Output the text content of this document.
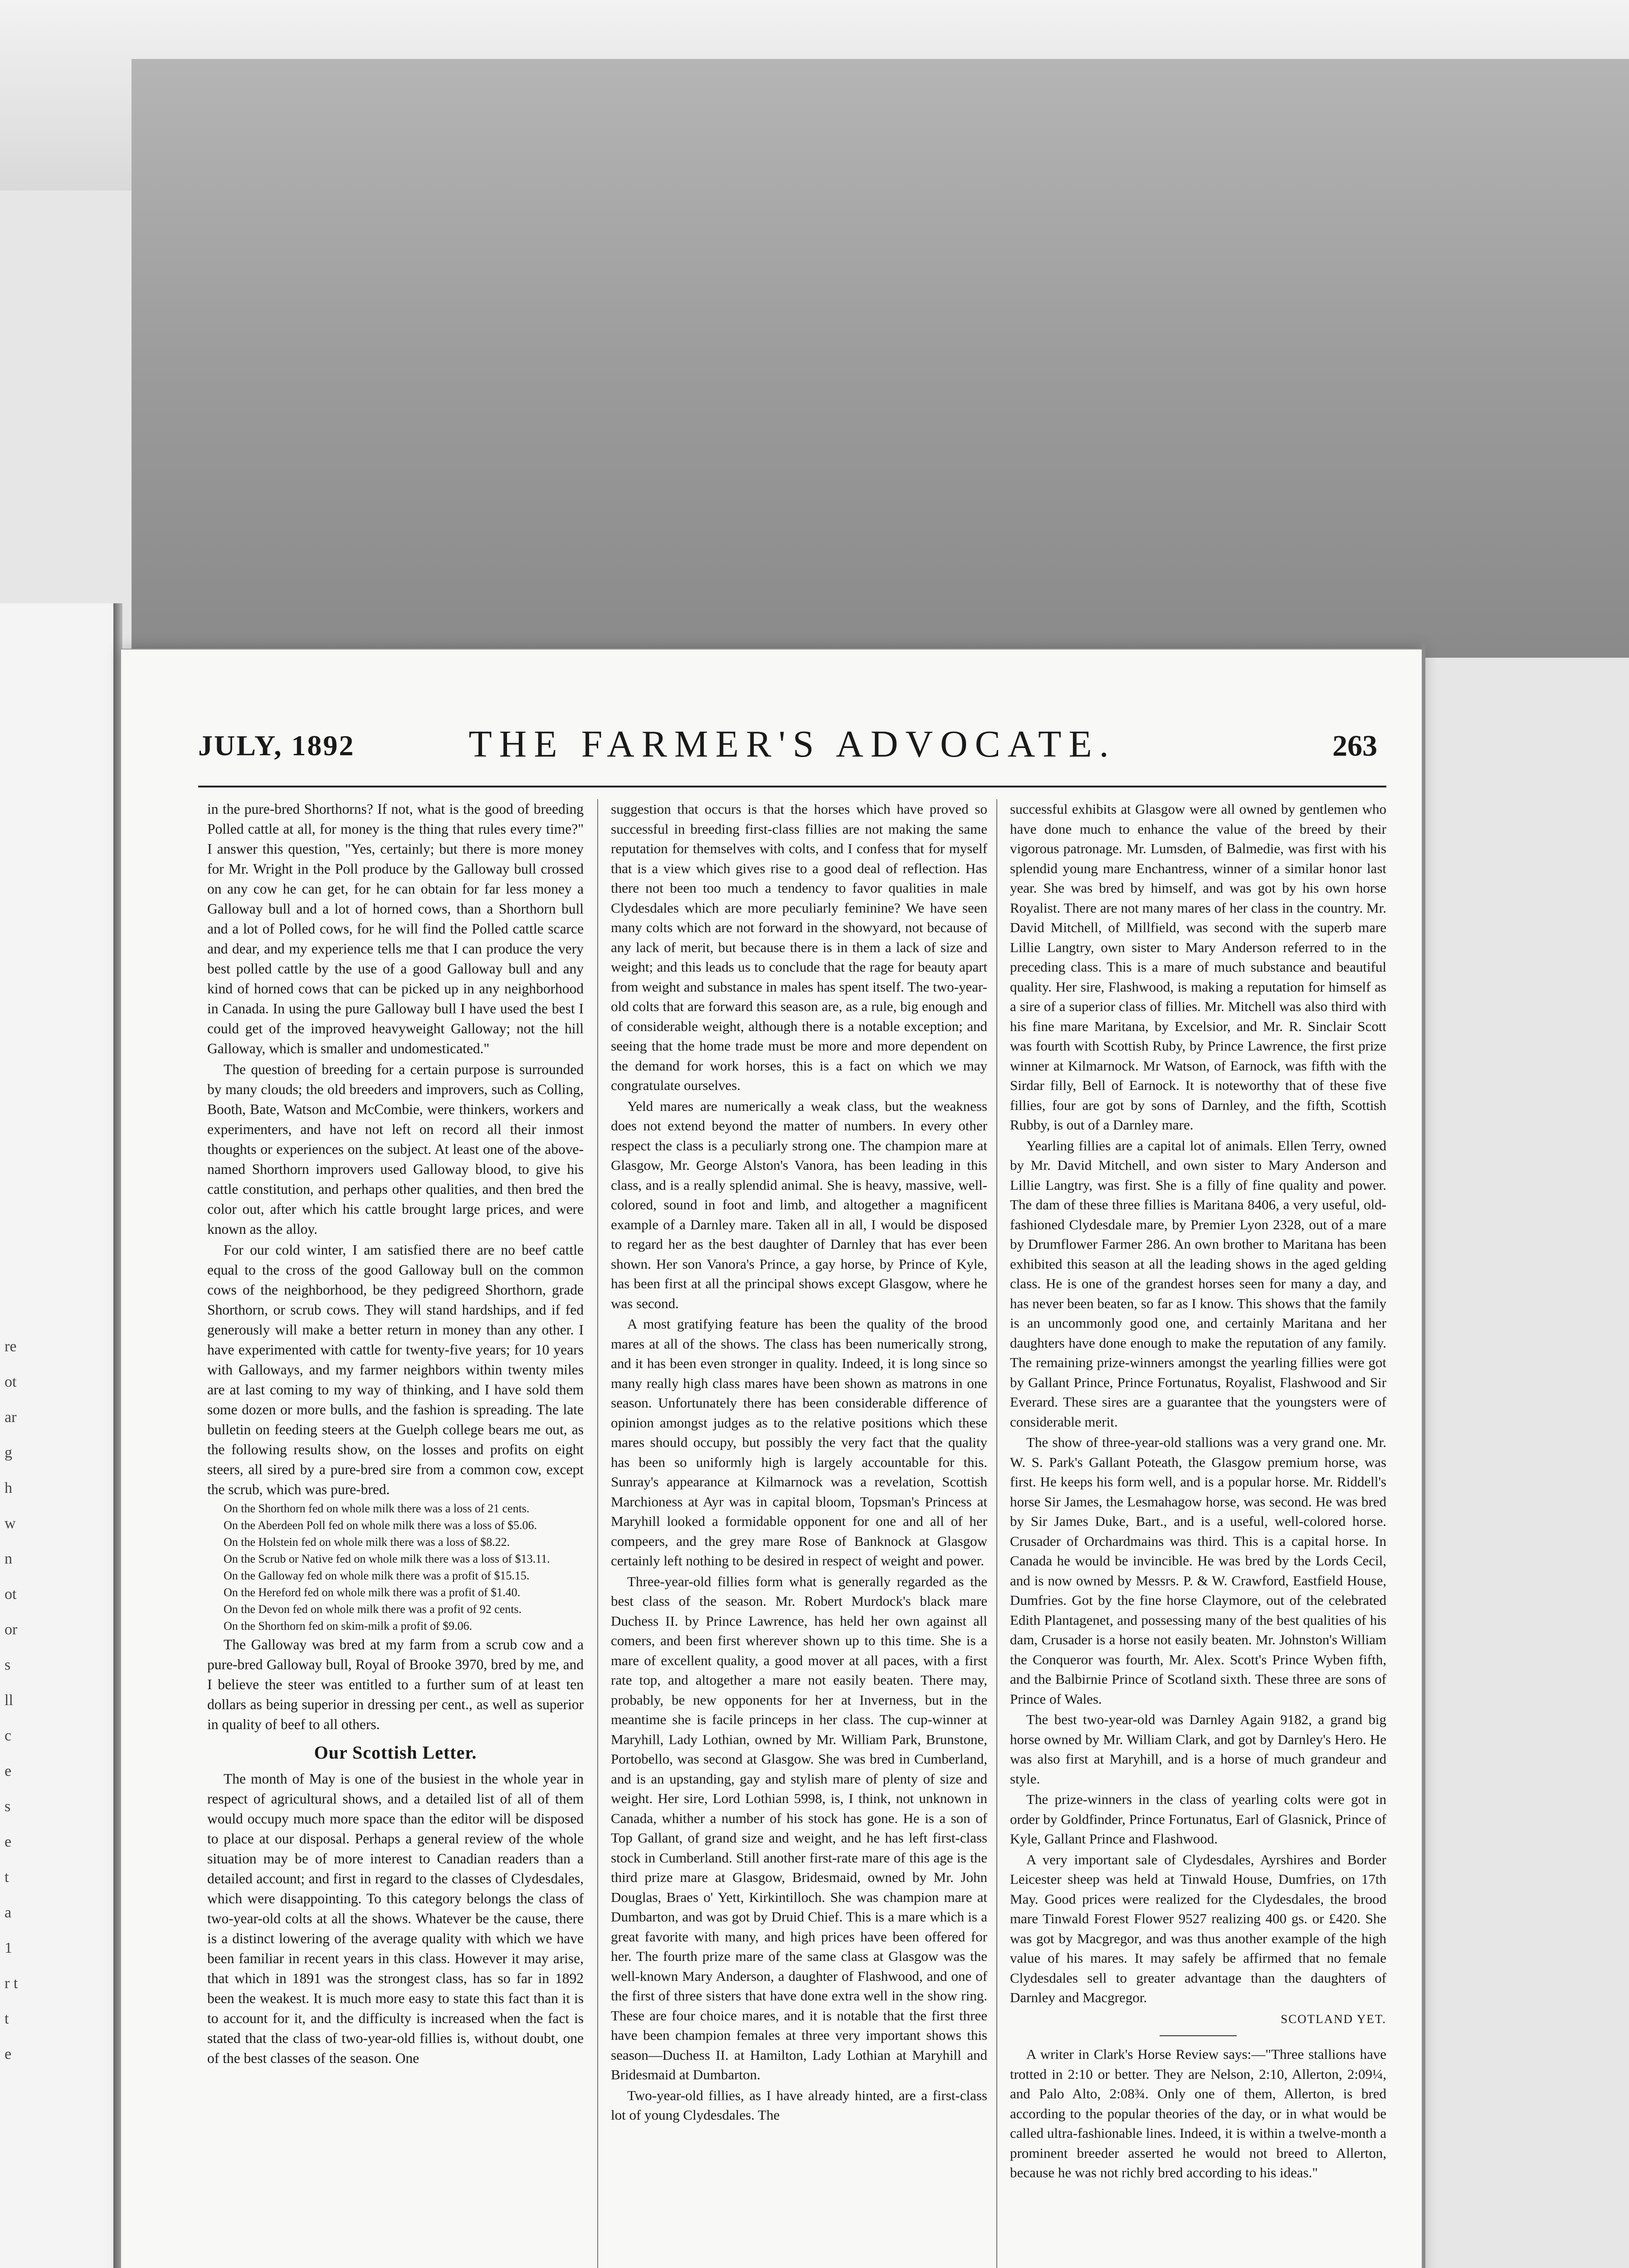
re ot ar g h w n ot or s ll c e s e t a 1 r t t e
JULY, 1892	THE FARMER'S ADVOCATE.	263

in the pure-bred Shorthorns? If not, what is the good of breeding Polled cattle at all, for money is the thing that rules every time?" I answer this question, "Yes, certainly; but there is more money for Mr. Wright in the Poll produce by the Galloway bull crossed on any cow he can get, for he can obtain for far less money a Galloway bull and a lot of horned cows, than a Shorthorn bull and a lot of Polled cows, for he will find the Polled cattle scarce and dear, and my experience tells me that I can produce the very best polled cattle by the use of a good Galloway bull and any kind of horned cows that can be picked up in any neighborhood in Canada. In using the pure Galloway bull I have used the best I could get of the improved heavyweight Galloway; not the hill Galloway, which is smaller and undomesticated."

The question of breeding for a certain purpose is surrounded by many clouds; the old breeders and improvers, such as Colling, Booth, Bate, Watson and McCombie, were thinkers, workers and experimenters, and have not left on record all their inmost thoughts or experiences on the subject. At least one of the above-named Shorthorn improvers used Galloway blood, to give his cattle constitution, and perhaps other qualities, and then bred the color out, after which his cattle brought large prices, and were known as the alloy.

For our cold winter, I am satisfied there are no beef cattle equal to the cross of the good Galloway bull on the common cows of the neighborhood, be they pedigreed Shorthorn, grade Shorthorn, or scrub cows. They will stand hardships, and if fed generously will make a better return in money than any other. I have experimented with cattle for twenty-five years; for 10 years with Galloways, and my farmer neighbors within twenty miles are at last coming to my way of thinking, and I have sold them some dozen or more bulls, and the fashion is spreading. The late bulletin on feeding steers at the Guelph college bears me out, as the following results show, on the losses and profits on eight steers, all sired by a pure-bred sire from a common cow, except the scrub, which was pure-bred.

On the Shorthorn fed on whole milk there was a loss of 21 cents.

On the Aberdeen Poll fed on whole milk there was a loss of $5.06.

On the Holstein fed on whole milk there was a loss of $8.22.

On the Scrub or Native fed on whole milk there was a loss of $13.11.

On the Galloway fed on whole milk there was a profit of $15.15.

On the Hereford fed on whole milk there was a profit of $1.40.

On the Devon fed on whole milk there was a profit of 92 cents.

On the Shorthorn fed on skim-milk a profit of $9.06.

The Galloway was bred at my farm from a scrub cow and a pure-bred Galloway bull, Royal of Brooke 3970, bred by me, and I believe the steer was entitled to a further sum of at least ten dollars as being superior in dressing per cent., as well as superior in quality of beef to all others.

Our Scottish Letter.

The month of May is one of the busiest in the whole year in respect of agricultural shows, and a detailed list of all of them would occupy much more space than the editor will be disposed to place at our disposal. Perhaps a general review of the whole situation may be of more interest to Canadian readers than a detailed account; and first in regard to the classes of Clydesdales, which were disappointing. To this category belongs the class of two-year-old colts at all the shows. Whatever be the cause, there is a distinct lowering of the average quality with which we have been familiar in recent years in this class. However it may arise, that which in 1891 was the strongest class, has so far in 1892 been the weakest. It is much more easy to state this fact than it is to account for it, and the difficulty is increased when the fact is stated that the class of two-year-old fillies is, without doubt, one of the best classes of the season. One

suggestion that occurs is that the horses which have proved so successful in breeding first-class fillies are not making the same reputation for themselves with colts, and I confess that for myself that is a view which gives rise to a good deal of reflection. Has there not been too much a tendency to favor qualities in male Clydesdales which are more peculiarly feminine? We have seen many colts which are not forward in the showyard, not because of any lack of merit, but because there is in them a lack of size and weight; and this leads us to conclude that the rage for beauty apart from weight and substance in males has spent itself. The two-year-old colts that are forward this season are, as a rule, big enough and of considerable weight, although there is a notable exception; and seeing that the home trade must be more and more dependent on the demand for work horses, this is a fact on which we may congratulate ourselves.

Yeld mares are numerically a weak class, but the weakness does not extend beyond the matter of numbers. In every other respect the class is a peculiarly strong one. The champion mare at Glasgow, Mr. George Alston's Vanora, has been leading in this class, and is a really splendid animal. She is heavy, massive, well-colored, sound in foot and limb, and altogether a magnificent example of a Darnley mare. Taken all in all, I would be disposed to regard her as the best daughter of Darnley that has ever been shown. Her son Vanora's Prince, a gay horse, by Prince of Kyle, has been first at all the principal shows except Glasgow, where he was second.

A most gratifying feature has been the quality of the brood mares at all of the shows. The class has been numerically strong, and it has been even stronger in quality. Indeed, it is long since so many really high class mares have been shown as matrons in one season. Unfortunately there has been considerable difference of opinion amongst judges as to the relative positions which these mares should occupy, but possibly the very fact that the quality has been so uniformly high is largely accountable for this. Sunray's appearance at Kilmarnock was a revelation, Scottish Marchioness at Ayr was in capital bloom, Topsman's Princess at Maryhill looked a formidable opponent for one and all of her compeers, and the grey mare Rose of Banknock at Glasgow certainly left nothing to be desired in respect of weight and power.

Three-year-old fillies form what is generally regarded as the best class of the season. Mr. Robert Murdock's black mare Duchess II. by Prince Lawrence, has held her own against all comers, and been first wherever shown up to this time. She is a mare of excellent quality, a good mover at all paces, with a first rate top, and altogether a mare not easily beaten. There may, probably, be new opponents for her at Inverness, but in the meantime she is facile princeps in her class. The cup-winner at Maryhill, Lady Lothian, owned by Mr. William Park, Brunstone, Portobello, was second at Glasgow. She was bred in Cumberland, and is an upstanding, gay and stylish mare of plenty of size and weight. Her sire, Lord Lothian 5998, is, I think, not unknown in Canada, whither a number of his stock has gone. He is a son of Top Gallant, of grand size and weight, and he has left first-class stock in Cumberland. Still another first-rate mare of this age is the third prize mare at Glasgow, Bridesmaid, owned by Mr. John Douglas, Braes o' Yett, Kirkintilloch. She was champion mare at Dumbarton, and was got by Druid Chief. This is a mare which is a great favorite with many, and high prices have been offered for her. The fourth prize mare of the same class at Glasgow was the well-known Mary Anderson, a daughter of Flashwood, and one of the first of three sisters that have done extra well in the show ring. These are four choice mares, and it is notable that the first three have been champion females at three very important shows this season—Duchess II. at Hamilton, Lady Lothian at Maryhill and Bridesmaid at Dumbarton.

Two-year-old fillies, as I have already hinted, are a first-class lot of young Clydesdales. The

successful exhibits at Glasgow were all owned by gentlemen who have done much to enhance the value of the breed by their vigorous patronage. Mr. Lumsden, of Balmedie, was first with his splendid young mare Enchantress, winner of a similar honor last year. She was bred by himself, and was got by his own horse Royalist. There are not many mares of her class in the country. Mr. David Mitchell, of Millfield, was second with the superb mare Lillie Langtry, own sister to Mary Anderson referred to in the preceding class. This is a mare of much substance and beautiful quality. Her sire, Flashwood, is making a reputation for himself as a sire of a superior class of fillies. Mr. Mitchell was also third with his fine mare Maritana, by Excelsior, and Mr. R. Sinclair Scott was fourth with Scottish Ruby, by Prince Lawrence, the first prize winner at Kilmarnock. Mr Watson, of Earnock, was fifth with the Sirdar filly, Bell of Earnock. It is noteworthy that of these five fillies, four are got by sons of Darnley, and the fifth, Scottish Rubby, is out of a Darnley mare.

Yearling fillies are a capital lot of animals. Ellen Terry, owned by Mr. David Mitchell, and own sister to Mary Anderson and Lillie Langtry, was first. She is a filly of fine quality and power. The dam of these three fillies is Maritana 8406, a very useful, old-fashioned Clydesdale mare, by Premier Lyon 2328, out of a mare by Drumflower Farmer 286. An own brother to Maritana has been exhibited this season at all the leading shows in the aged gelding class. He is one of the grandest horses seen for many a day, and has never been beaten, so far as I know. This shows that the family is an uncommonly good one, and certainly Maritana and her daughters have done enough to make the reputation of any family. The remaining prize-winners amongst the yearling fillies were got by Gallant Prince, Prince Fortunatus, Royalist, Flashwood and Sir Everard. These sires are a guarantee that the youngsters were of considerable merit.

The show of three-year-old stallions was a very grand one. Mr. W. S. Park's Gallant Poteath, the Glasgow premium horse, was first. He keeps his form well, and is a popular horse. Mr. Riddell's horse Sir James, the Lesmahagow horse, was second. He was bred by Sir James Duke, Bart., and is a useful, well-colored horse. Crusader of Orchardmains was third. This is a capital horse. In Canada he would be invincible. He was bred by the Lords Cecil, and is now owned by Messrs. P. & W. Crawford, Eastfield House, Dumfries. Got by the fine horse Claymore, out of the celebrated Edith Plantagenet, and possessing many of the best qualities of his dam, Crusader is a horse not easily beaten. Mr. Johnston's William the Conqueror was fourth, Mr. Alex. Scott's Prince Wyben fifth, and the Balbirnie Prince of Scotland sixth. These three are sons of Prince of Wales.

The best two-year-old was Darnley Again 9182, a grand big horse owned by Mr. William Clark, and got by Darnley's Hero. He was also first at Maryhill, and is a horse of much grandeur and style.

The prize-winners in the class of yearling colts were got in order by Goldfinder, Prince Fortunatus, Earl of Glasnick, Prince of Kyle, Gallant Prince and Flashwood.

A very important sale of Clydesdales, Ayrshires and Border Leicester sheep was held at Tinwald House, Dumfries, on 17th May. Good prices were realized for the Clydesdales, the brood mare Tinwald Forest Flower 9527 realizing 400 gs. or £420. She was got by Macgregor, and was thus another example of the high value of his mares. It may safely be affirmed that no female Clydesdales sell to greater advantage than the daughters of Darnley and Macgregor.

SCOTLAND YET.

A writer in Clark's Horse Review says:—"Three stallions have trotted in 2:10 or better. They are Nelson, 2:10, Allerton, 2:09¼, and Palo Alto, 2:08¾. Only one of them, Allerton, is bred according to the popular theories of the day, or in what would be called ultra-fashionable lines. Indeed, it is within a twelve-month a prominent breeder asserted he would not breed to Allerton, because he was not richly bred according to his ideas."
